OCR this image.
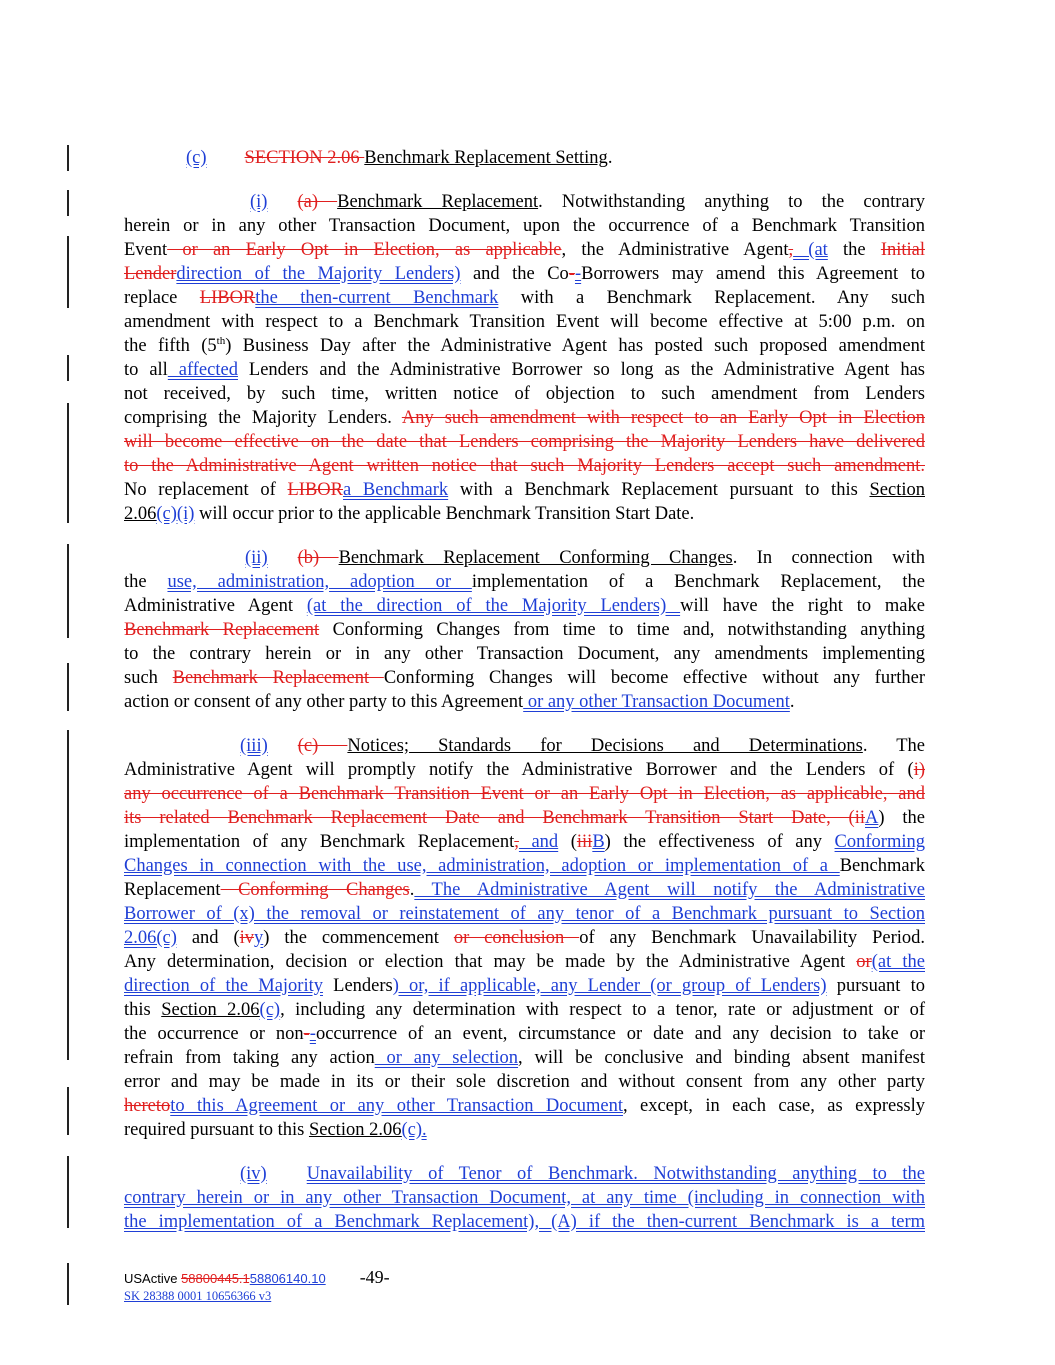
(c) SECTION 2.06 Benchmark Replacement Setting.
(i) (a) Benchmark Replacement. Notwithstanding anything to the contrary
herein or in any other Transaction Document, upon the occurrence of a Benchmark Transition
Event or an Early Opt in Election, as applicable, the Administrative Agent, (at the Initial
Lenderdirection of the Majority Lenders) and the Co--Borrowers may amend this Agreement to
replace LIBORthe then-current Benchmark with a Benchmark Replacement. Any such
amendment with respect to a Benchmark Transition Event will become effective at 5:00 p.m. on
the fifth (5th) Business Day after the Administrative Agent has posted such proposed amendment
to all affected Lenders and the Administrative Borrower so long as the Administrative Agent has
not received, by such time, written notice of objection to such amendment from Lenders
comprising the Majority Lenders. Any such amendment with respect to an Early Opt in Election
will become effective on the date that Lenders comprising the Majority Lenders have delivered
to the Administrative Agent written notice that such Majority Lenders accept such amendment.
No replacement of LIBORa Benchmark with a Benchmark Replacement pursuant to this Section
2.06(c)(i) will occur prior to the applicable Benchmark Transition Start Date.
(ii) (b) Benchmark Replacement Conforming Changes. In connection with
the use, administration, adoption or implementation of a Benchmark Replacement, the
Administrative Agent (at the direction of the Majority Lenders) will have the right to make
Benchmark Replacement Conforming Changes from time to time and, notwithstanding anything
to the contrary herein or in any other Transaction Document, any amendments implementing
such Benchmark Replacement Conforming Changes will become effective without any further
action or consent of any other party to this Agreement or any other Transaction Document.
(iii) (c) Notices; Standards for Decisions and Determinations. The
Administrative Agent will promptly notify the Administrative Borrower and the Lenders of (i)
any occurrence of a Benchmark Transition Event or an Early Opt in Election, as applicable, and
its related Benchmark Replacement Date and Benchmark Transition Start Date, (iiA) the
implementation of any Benchmark Replacement, and (iiiB) the effectiveness of any Conforming
Changes in connection with the use, administration, adoption or implementation of a Benchmark
Replacement Conforming Changes. The Administrative Agent will notify the Administrative
Borrower of (x) the removal or reinstatement of any tenor of a Benchmark pursuant to Section
2.06(c) and (ivy) the commencement or conclusion of any Benchmark Unavailability Period.
Any determination, decision or election that may be made by the Administrative Agent or(at the
direction of the Majority Lenders) or, if applicable, any Lender (or group of Lenders) pursuant to
this Section 2.06(c), including any determination with respect to a tenor, rate or adjustment or of
the occurrence or non--occurrence of an event, circumstance or date and any decision to take or
refrain from taking any action or any selection, will be conclusive and binding absent manifest
error and may be made in its or their sole discretion and without consent from any other party
heretoto this Agreement or any other Transaction Document, except, in each case, as expressly
required pursuant to this Section 2.06(c).
(iv) Unavailability of Tenor of Benchmark. Notwithstanding anything to the
contrary herein or in any other Transaction Document, at any time (including in connection with
the implementation of a Benchmark Replacement), (A) if the then-current Benchmark is a term
USActive 58800445.158806140.10 -49-
SK 28388 0001 10656366 v3
